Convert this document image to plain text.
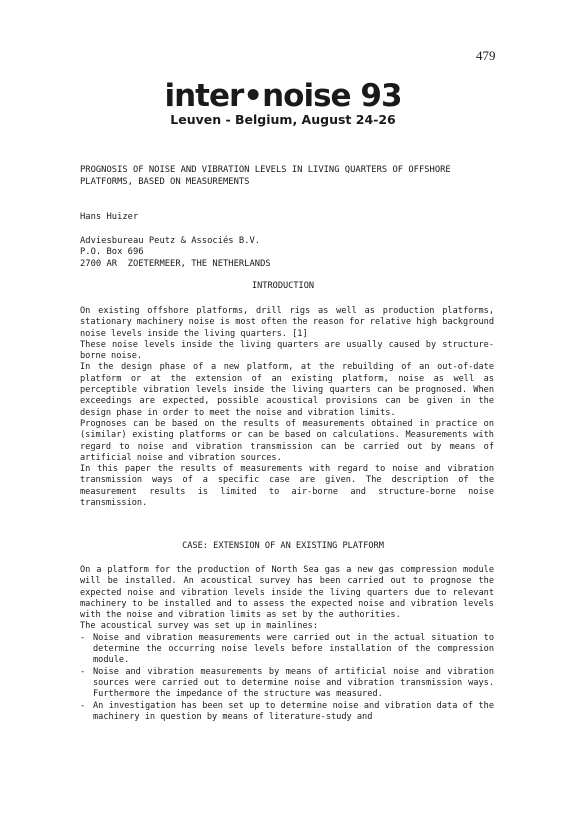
479
inter•noise 93
Leuven - Belgium, August 24-26
PROGNOSIS OF NOISE AND VIBRATION LEVELS IN LIVING QUARTERS OF OFFSHORE PLATFORMS, BASED ON MEASUREMENTS
Hans Huizer
Adviesbureau Peutz & Associés B.V.
P.O. Box 696
2700 AR  ZOETERMEER, THE NETHERLANDS
INTRODUCTION

On existing offshore platforms, drill rigs as well as production platforms, stationary machinery noise is most often the reason for relative high background noise levels inside the living quarters. [1]

These noise levels inside the living quarters are usually caused by structure-borne noise.

In the design phase of a new platform, at the rebuilding of an out-of-date platform or at the extension of an existing platform, noise as well as perceptible vibration levels inside the living quarters can be prognosed. When exceedings are expected, possible acoustical provisions can be given in the design phase in order to meet the noise and vibration limits.

Prognoses can be based on the results of measurements obtained in practice on (similar) existing platforms or can be based on calculations. Measurements with regard to noise and vibration transmission can be carried out by means of artificial noise and vibration sources.

In this paper the results of measurements with regard to noise and vibration transmission ways of a specific case are given. The description of the measurement results is limited to air-borne and structure-borne noise transmission.

CASE: EXTENSION OF AN EXISTING PLATFORM

On a platform for the production of North Sea gas a new gas compression module will be installed. An acoustical survey has been carried out to prognose the expected noise and vibration levels inside the living quarters due to relevant machinery to be installed and to assess the expected noise and vibration levels with the noise and vibration limits as set by the authorities.

The acoustical survey was set up in mainlines:

- Noise and vibration measurements were carried out in the actual situation to determine the occurring noise levels before installation of the compression module.
- Noise and vibration measurements by means of artificial noise and vibration sources were carried out to determine noise and vibration transmission ways. Furthermore the impedance of the structure was measured.
- An investigation has been set up to determine noise and vibration data of the machinery in question by means of literature-study and
